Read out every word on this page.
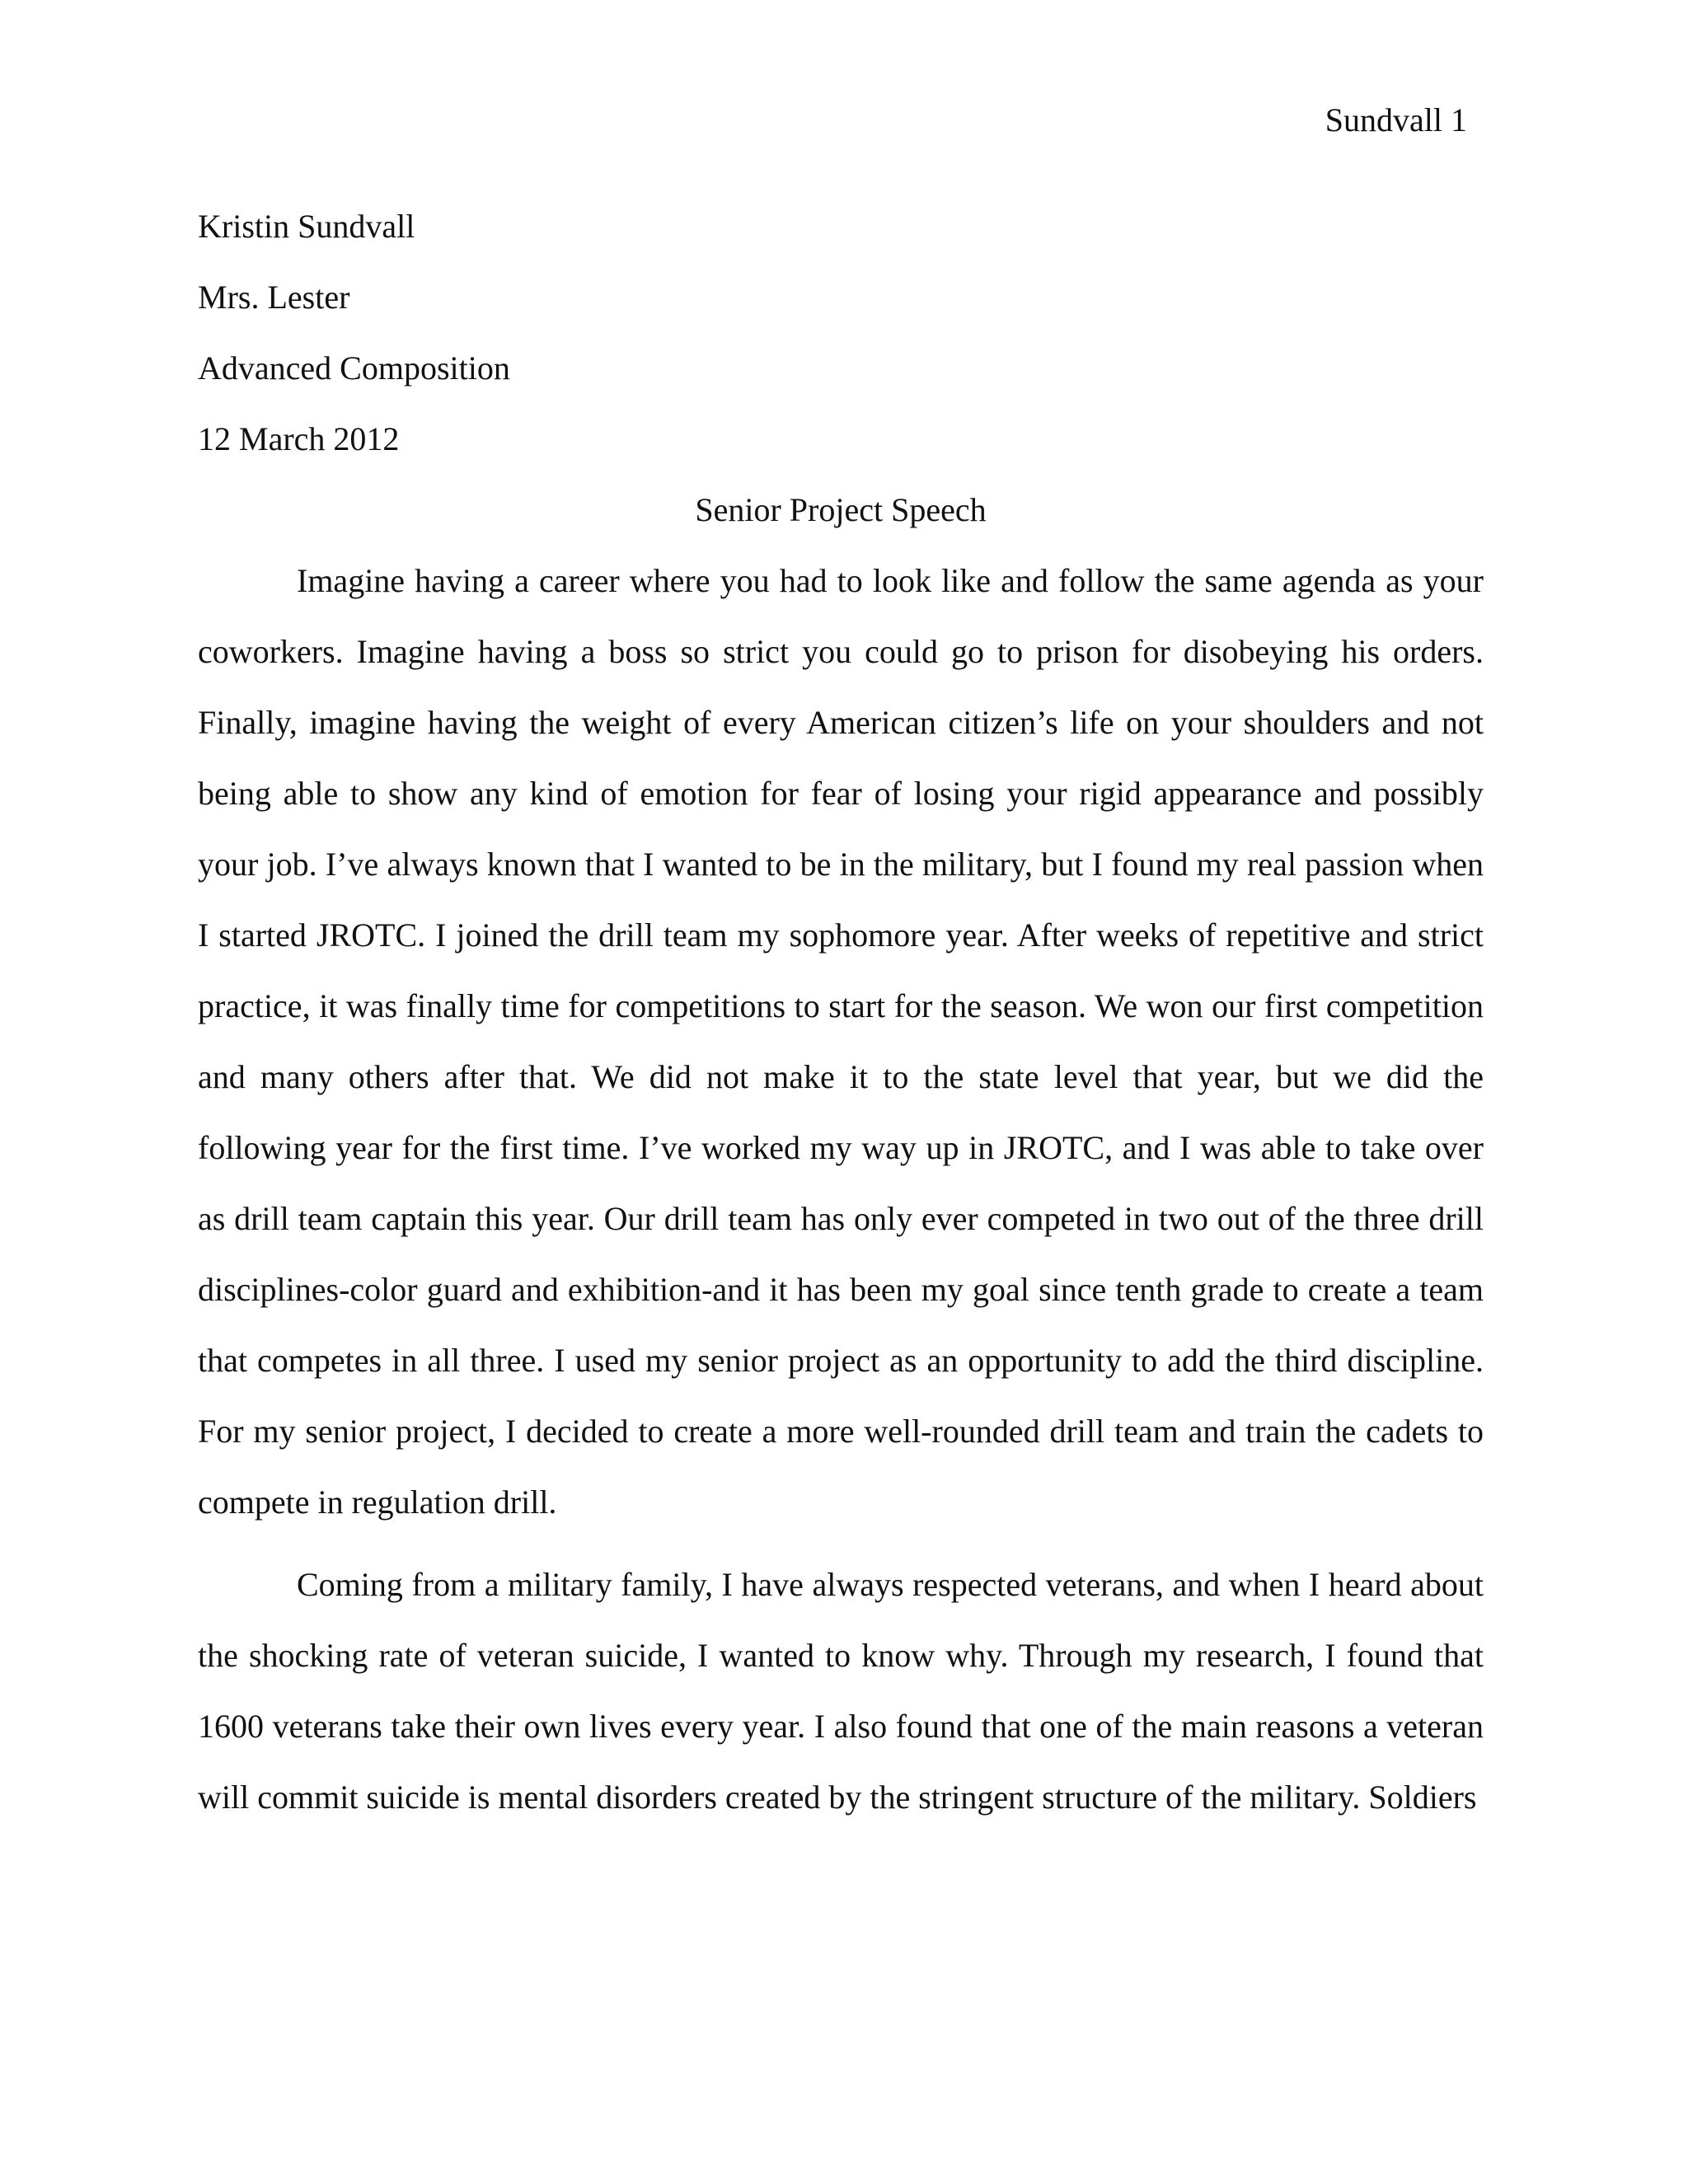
Sundvall 1

Kristin Sundvall

Mrs. Lester

Advanced Composition

12 March 2012

Senior Project Speech

Imagine having a career where you had to look like and follow the same agenda as your coworkers. Imagine having a boss so strict you could go to prison for disobeying his orders. Finally, imagine having the weight of every American citizen’s life on your shoulders and not being able to show any kind of emotion for fear of losing your rigid appearance and possibly your job. I’ve always known that I wanted to be in the military, but I found my real passion when I started JROTC. I joined the drill team my sophomore year. After weeks of repetitive and strict practice, it was finally time for competitions to start for the season. We won our first competition and many others after that. We did not make it to the state level that year, but we did the following year for the first time. I’ve worked my way up in JROTC, and I was able to take over as drill team captain this year. Our drill team has only ever competed in two out of the three drill disciplines-color guard and exhibition-and it has been my goal since tenth grade to create a team that competes in all three. I used my senior project as an opportunity to add the third discipline. For my senior project, I decided to create a more well-rounded drill team and train the cadets to compete in regulation drill.

Coming from a military family, I have always respected veterans, and when I heard about the shocking rate of veteran suicide, I wanted to know why. Through my research, I found that 1600 veterans take their own lives every year. I also found that one of the main reasons a veteran will commit suicide is mental disorders created by the stringent structure of the military. Soldiers
